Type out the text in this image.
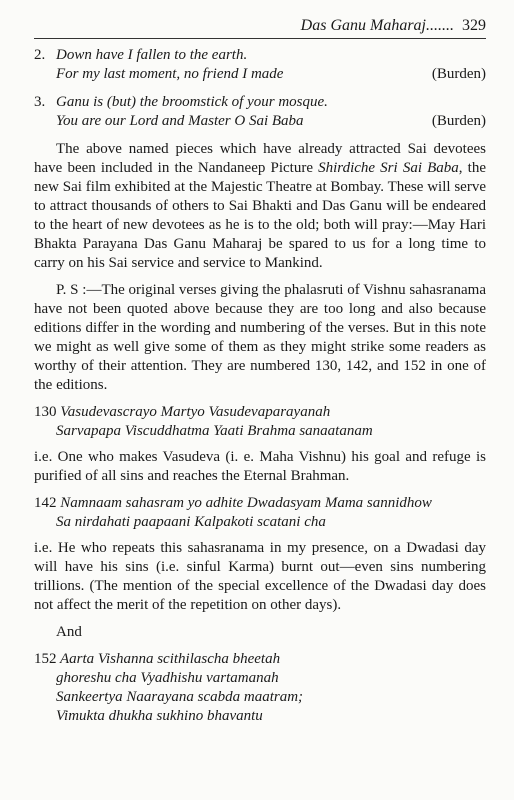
Das Ganu Maharaj....... 329
2. Down have I fallen to the earth.
For my last moment, no friend I made	(Burden)
3. Ganu is (but) the broomstick of your mosque.
You are our Lord and Master O Sai Baba	(Burden)

The above named pieces which have already attracted Sai devotees have been included in the Nandaneep Picture Shirdiche Sri Sai Baba, the new Sai film exhibited at the Majestic Theatre at Bombay. These will serve to attract thousands of others to Sai Bhakti and Das Ganu will be endeared to the heart of new devotees as he is to the old; both will pray:—May Hari Bhakta Parayana Das Ganu Maharaj be spared to us for a long time to carry on his Sai service and service to Mankind.

P. S :—The original verses giving the phalasruti of Vishnu sahasranama have not been quoted above because they are too long and also because editions differ in the wording and numbering of the verses. But in this note we might as well give some of them as they might strike some readers as worthy of their attention. They are numbered 130, 142, and 152 in one of the editions.

130 Vasudevascrayo Martyo Vasudevaparayanah
Sarvapapa Viscuddhatma Yaati Brahma sanaatanam

i.e. One who makes Vasudeva (i. e. Maha Vishnu) his goal and refuge is purified of all sins and reaches the Eternal Brahman.

142 Namnaam sahasram yo adhite Dwadasyam Mama sannidhow
Sa nirdahati paapaani Kalpakoti scatani cha

i.e. He who repeats this sahasranama in my presence, on a Dwadasi day will have his sins (i.e. sinful Karma) burnt out—even sins numbering trillions. (The mention of the special excellence of the Dwadasi day does not affect the merit of the repetition on other days).

And
152 Aarta Vishanna scithilascha bheetah
ghoreshu cha Vyadhishu vartamanah
Sankeertya Naarayana scabda maatram;
Vimukta dhukha sukhino bhavantu
